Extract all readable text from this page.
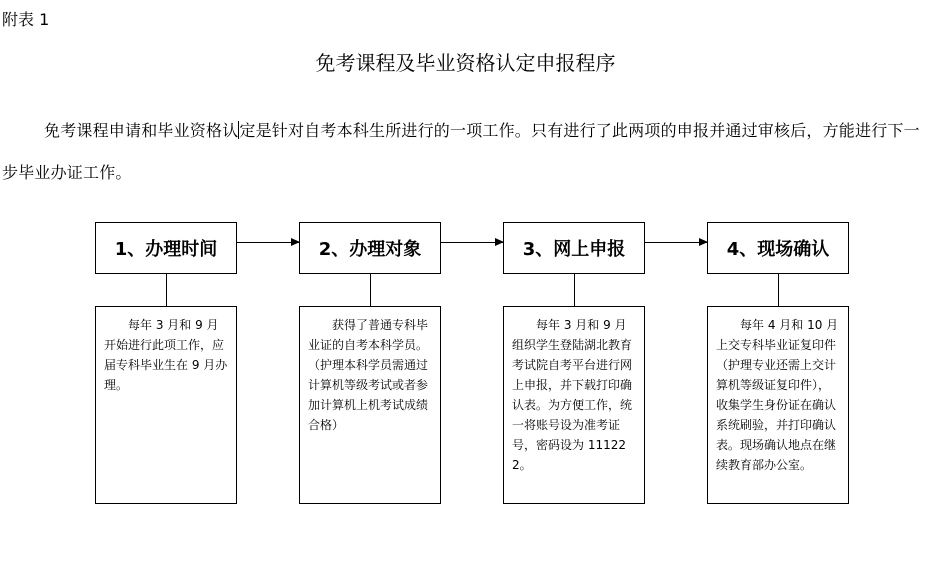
附表 1
免考课程及毕业资格认定申报程序
免考课程申请和毕业资格认定是针对自考本科生所进行的一项工作。只有进行了此两项的申报并通过审核后，方能进行下一步毕业办证工作。
1、办理时间
每年 3 月和 9 月开始进行此项工作，应届专科毕业生在 9 月办理。
2、办理对象
获得了普通专科毕业证的自考本科学员。（护理本科学员需通过计算机等级考试或者参加计算机上机考试成绩合格）
3、网上申报
每年 3 月和 9 月组织学生登陆湖北教育考试院自考平台进行网上申报，并下载打印确认表。为方便工作，统一将账号设为准考证号，密码设为 111222。
4、现场确认
每年 4 月和 10 月上交专科毕业证复印件（护理专业还需上交计算机等级证复印件），收集学生身份证在确认系统刷验，并打印确认表。现场确认地点在继续教育部办公室。
